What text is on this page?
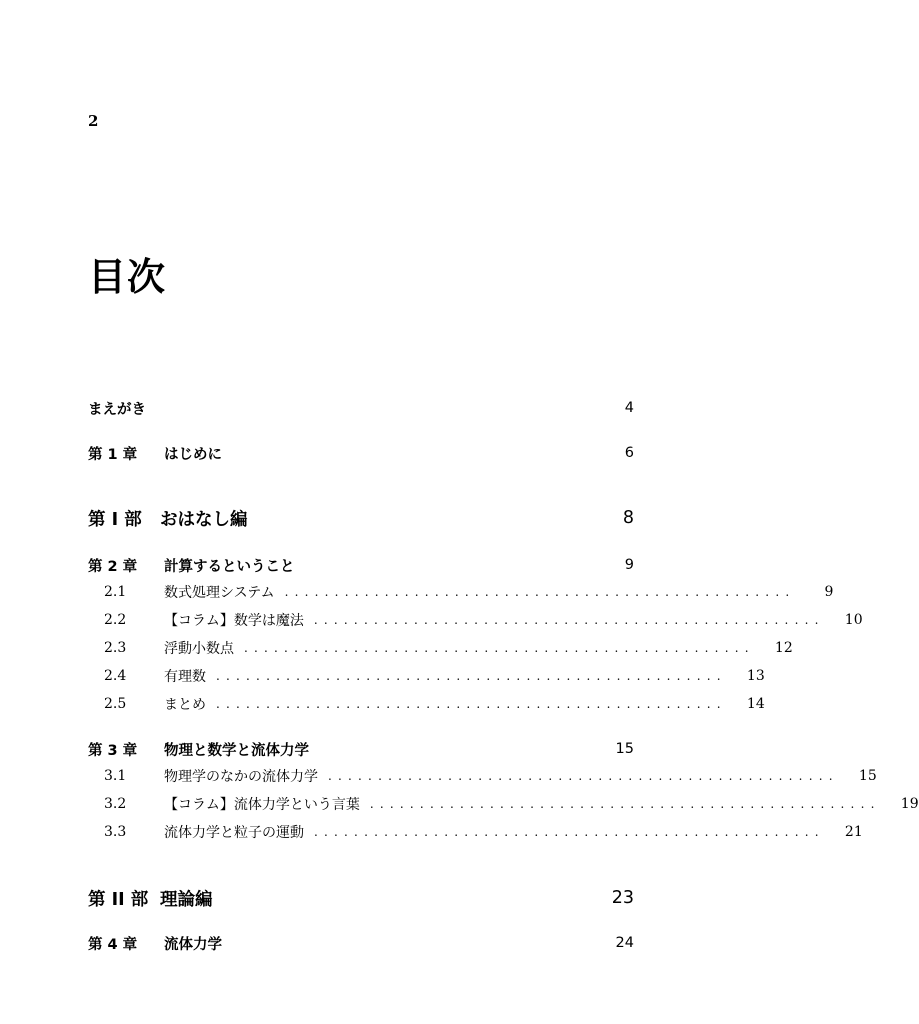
2
目次
まえがき	4
第 1 章	はじめに	6
第 I 部	おはなし編	8
第 2 章	計算するということ	9
2.1	数式処理システム ...................................................	9
2.2	【コラム】数学は魔法 ...................................................	10
2.3	浮動小数点 ...................................................	12
2.4	有理数 ...................................................	13
2.5	まとめ ...................................................	14
第 3 章	物理と数学と流体力学	15
3.1	物理学のなかの流体力学 ...................................................	15
3.2	【コラム】流体力学という言葉 ...................................................	19
3.3	流体力学と粒子の運動 ...................................................	21
第 II 部 理論編	23
第 4 章	流体力学	24
